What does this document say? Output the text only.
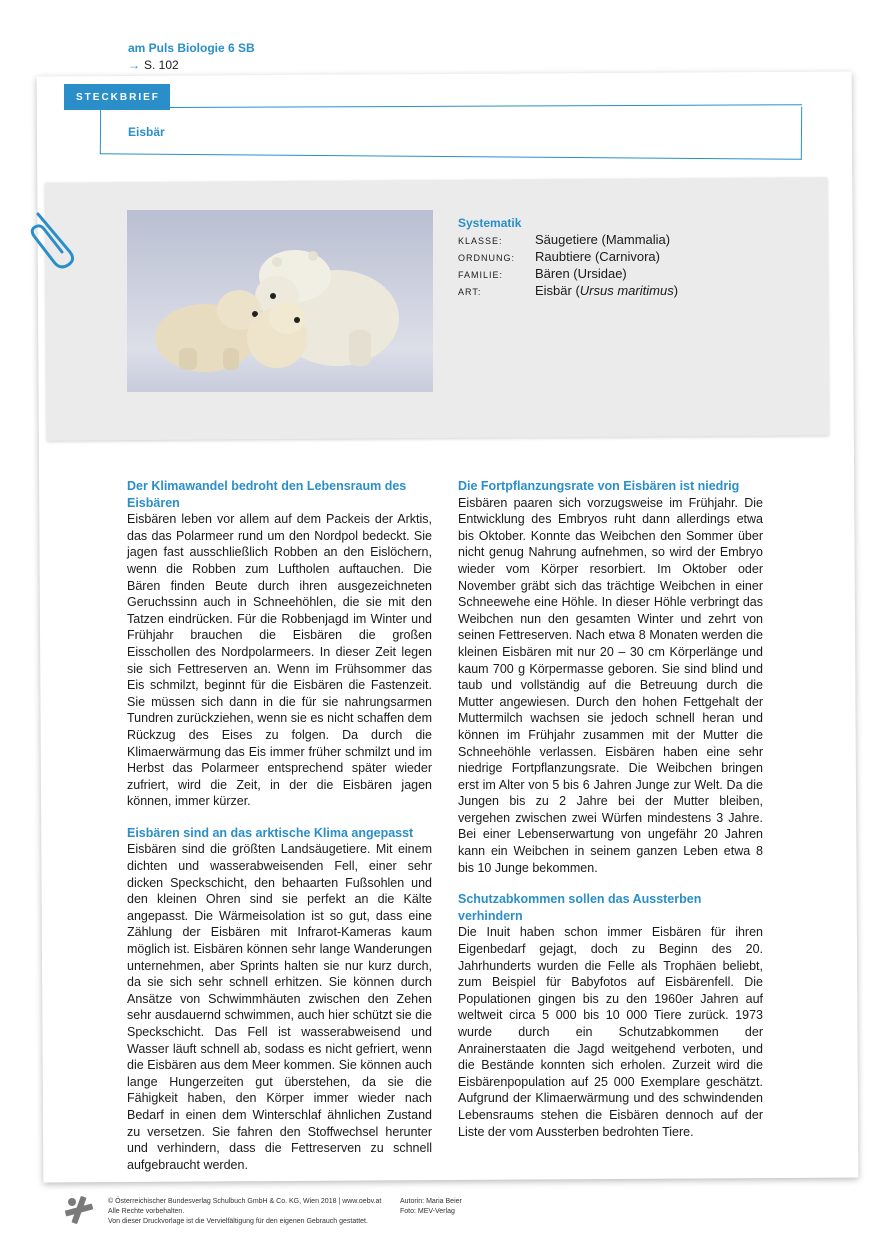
am Puls Biologie 6 SB
→ S. 102
STECKBRIEF
Eisbär
Systematik
KLASSE: Säugetiere (Mammalia)
ORDNUNG: Raubtiere (Carnivora)
FAMILIE: Bären (Ursidae)
ART:	Eisbär (Ursus maritimus)
Der Klimawandel bedroht den Lebensraum des Eisbären
Eisbären leben vor allem auf dem Packeis der Arktis, das das Polarmeer rund um den Nordpol bedeckt. Sie jagen fast ausschließlich Robben an den Eislöchern, wenn die Robben zum Luftholen auftauchen. Die Bären finden Beute durch ihren ausgezeichneten Geruchssinn auch in Schneehöhlen, die sie mit den Tatzen eindrücken. Für die Robbenjagd im Winter und Frühjahr brauchen die Eisbären die großen Eisschollen des Nordpolarmeers. In dieser Zeit legen sie sich Fettreserven an. Wenn im Frühsommer das Eis schmilzt, beginnt für die Eisbären die Fastenzeit. Sie müssen sich dann in die für sie nahrungsarmen Tundren zurückziehen, wenn sie es nicht schaffen dem Rückzug des Eises zu folgen. Da durch die Klimaerwärmung das Eis immer früher schmilzt und im Herbst das Polarmeer entsprechend später wieder zufriert, wird die Zeit, in der die Eisbären jagen können, immer kürzer.
Eisbären sind an das arktische Klima angepasst
Eisbären sind die größten Landsäugetiere. Mit einem dichten und wasserabweisenden Fell, einer sehr dicken Speckschicht, den behaarten Fußsohlen und den kleinen Ohren sind sie perfekt an die Kälte angepasst. Die Wärmeisolation ist so gut, dass eine Zählung der Eisbären mit Infrarot-Kameras kaum möglich ist. Eisbären können sehr lange Wanderungen unternehmen, aber Sprints halten sie nur kurz durch, da sie sich sehr schnell erhitzen. Sie können durch Ansätze von Schwimmhäuten zwischen den Zehen sehr ausdauernd schwimmen, auch hier schützt sie die Speckschicht. Das Fell ist wasserabweisend und Wasser läuft schnell ab, sodass es nicht gefriert, wenn die Eisbären aus dem Meer kommen. Sie können auch lange Hungerzeiten gut überstehen, da sie die Fähigkeit haben, den Körper immer wieder nach Bedarf in einen dem Winterschlaf ähnlichen Zustand zu versetzen. Sie fahren den Stoffwechsel herunter und verhindern, dass die Fettreserven zu schnell aufgebraucht werden.
Die Fortpflanzungsrate von Eisbären ist niedrig
Eisbären paaren sich vorzugsweise im Frühjahr. Die Entwicklung des Embryos ruht dann allerdings etwa bis Oktober. Konnte das Weibchen den Sommer über nicht genug Nahrung aufnehmen, so wird der Embryo wieder vom Körper resorbiert. Im Oktober oder November gräbt sich das trächtige Weibchen in einer Schneewehe eine Höhle. In dieser Höhle verbringt das Weibchen nun den gesamten Winter und zehrt von seinen Fettreserven. Nach etwa 8 Monaten werden die kleinen Eisbären mit nur 20 – 30 cm Körperlänge und kaum 700 g Körpermasse geboren. Sie sind blind und taub und vollständig auf die Betreuung durch die Mutter angewiesen. Durch den hohen Fettgehalt der Muttermilch wachsen sie jedoch schnell heran und können im Frühjahr zusammen mit der Mutter die Schneehöhle verlassen. Eisbären haben eine sehr niedrige Fortpflanzungsrate. Die Weibchen bringen erst im Alter von 5 bis 6 Jahren Junge zur Welt. Da die Jungen bis zu 2 Jahre bei der Mutter bleiben, vergehen zwischen zwei Würfen mindestens 3 Jahre. Bei einer Lebenserwartung von ungefähr 20 Jahren kann ein Weibchen in seinem ganzen Leben etwa 8 bis 10 Junge bekommen.
Schutzabkommen sollen das Aussterben verhindern
Die Inuit haben schon immer Eisbären für ihren Eigenbedarf gejagt, doch zu Beginn des 20. Jahrhunderts wurden die Felle als Trophäen beliebt, zum Beispiel für Babyfotos auf Eisbärenfell. Die Populationen gingen bis zu den 1960er Jahren auf weltweit circa 5 000 bis 10 000 Tiere zurück. 1973 wurde durch ein Schutzabkommen der Anrainerstaaten die Jagd weitgehend verboten, und die Bestände konnten sich erholen. Zurzeit wird die Eisbärenpopulation auf 25 000 Exemplare geschätzt. Aufgrund der Klimaerwärmung und des schwindenden Lebensraums stehen die Eisbären dennoch auf der Liste der vom Aussterben bedrohten Tiere.
© Österreichischer Bundesverlag Schulbuch GmbH & Co. KG, Wien 2018 | www.oebv.at
Alle Rechte vorbehalten.
Von dieser Druckvorlage ist die Vervielfältigung für den eigenen Gebrauch gestattet.
Autorin: Maria Beier
Foto: MEV-Verlag
